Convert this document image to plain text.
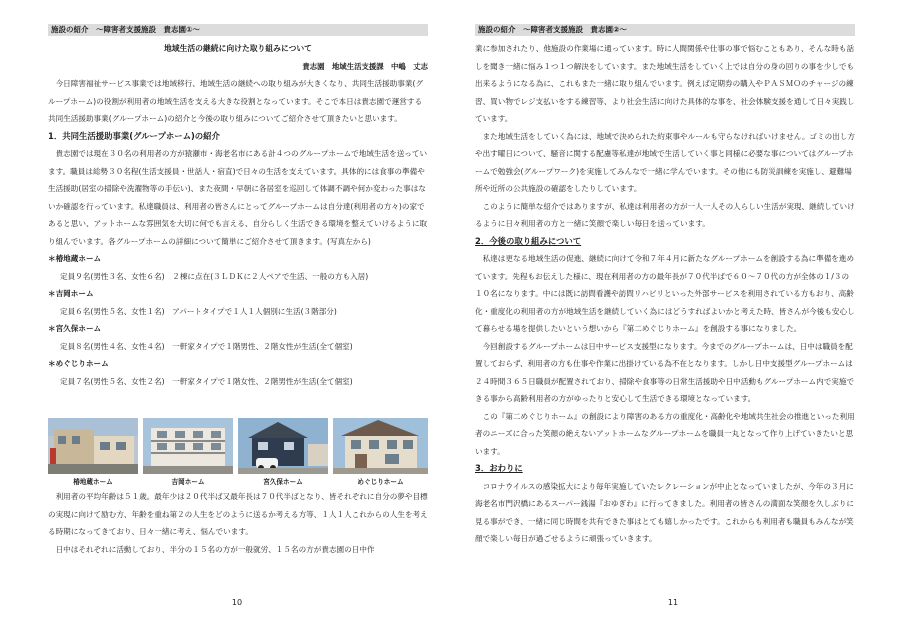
施設の紹介　～障害者支援施設　貴志園①～

地域生活の継続に向けた取り組みについて

貴志園　地域生活支援課　中嶋　丈志

今日障害福祉サービス事業では地域移行、地域生活の継続への取り組みが大きくなり、共同生活援助事業(グループホーム)の役割が利用者の地域生活を支える大きな役割となっています。そこで本日は貴志園で運営する共同生活援助事業(グループホーム)の紹介と今後の取り組みについてご紹介させて頂きたいと思います。

1．共同生活援助事業(グループホーム)の紹介

貴志園では現在３０名の利用者の方が猿瀬市・海老名市にある計４つのグループホームで地域生活を送っています。職員は総勢３０名程(生活支援員・世話人・宿直)で日々の生活を支えています。具体的には食事の準備や生活援助(居室の掃除や洗濯物等の手伝い)、また夜間・早朝に各居室を巡回して体調不調や何か変わった事はないか確認を行っています。私達職員は、利用者の皆さんにとってグループホームは自分達(利用者の方々)の家であると思い、アットホームな雰囲気を大切に何でも言える、自分らしく生活できる環境を整えていけるように取り組んでいます。各グループホームの詳細について簡単にご紹介させて頂きます。(写真左から)

＊椿地蔵ホーム

定員９名(男性３名、女性６名)　２棟に点在(３ＬＤＫに２人ペアで生活、一般の方も入居)

＊吉岡ホーム

定員６名(男性５名、女性１名)　アパートタイプで１人１人個別に生活(３階部分)

＊宮久保ホーム

定員８名(男性４名、女性４名)　一軒家タイプで１階男性、２階女性が生活(全て個室)

＊めぐじりホーム

定員７名(男性５名、女性２名)　一軒家タイプで１階女性、２階男性が生活(全て個室)

椿地蔵ホーム	吉岡ホーム	宮久保ホーム	めぐじりホーム

利用者の平均年齢は５１歳。最年少は２０代半ば又最年長は７０代半ばとなり、皆それぞれに自分の夢や目標の実現に向けて励む方、年齢を重ね第２の人生をどのように送るか考える方等、１人１人これからの人生を考える時期になってきており、日々一緒に考え、悩んでいます。

日中はそれぞれに活動しており、半分の１５名の方が一般就労、１５名の方が貴志園の日中作

10
施設の紹介　～障害者支援施設　貴志園②～

業に参加されたり、他施設の作業場に通っています。時に人間関係や仕事の事で悩むこともあり、そんな時も話しを聞き一緒に悩み１つ１つ解決をしています。また地域生活をしていく上では自分の身の回りの事を少しでも出来るようになる為に、これもまた一緒に取り組んでいます。例えば定期券の購入やＰＡＳＭＯのチャージの練習、買い物でレジ支払いをする練習等、より社会生活に向けた具体的な事を、社会体験支援を通して日々実践しています。

また地域生活をしていく為には、地域で決められた約束事やルールも守らなければいけません。ゴミの出し方や出す曜日について、騒音に関する配慮等私達が地域で生活していく事と同様に必要な事についてはグループホームで勉強会(グループワーク)を実施してみんなで一緒に学んでいます。その他にも防災訓練を実施し、避難場所や近所の公共施設の確認をしたりしています。

このように簡単な紹介ではありますが、私達は利用者の方が一人一人その人らしい生活が実現、継続していけるように日々利用者の方と一緒に笑顔で楽しい毎日を送っています。

2．今後の取り組みについて

私達は更なる地域生活の促進、継続に向けて令和７年４月に新たなグループホームを創設する為に準備を進めています。先程もお伝えした様に、現在利用者の方の最年長が７０代半ばで６０～７０代の方が全体の１/３の１０名になります。中には既に訪問看護や訪問リハビリといった外部サービスを利用されている方もおり、高齢化・重度化の利用者の方が地域生活を継続していく為にはどうすればよいかと考えた時、皆さんが今後も安心して暮らせる場を提供したいという想いから『第二めぐじりホーム』を創設する事になりました。

今回創設するグループホームは日中サービス支援型になります。今までのグループホームは、日中は職員を配置しておらず、利用者の方も仕事や作業に出掛けている為不在となります。しかし日中支援型グループホームは２４時間３６５日職員が配置されており、掃除や食事等の日常生活援助や日中活動もグループホーム内で実施できる事から高齢利用者の方がゆったりと安心して生活できる環境となっています。

この『第二めぐじりホーム』の創設により障害のある方の重度化・高齢化や地域共生社会の推進といった利用者のニーズに合った笑顔の絶えないアットホームなグループホームを職員一丸となって作り上げていきたいと思います。

3．おわりに

コロナウイルスの感染拡大により毎年実施していたレクレーションが中止となっていましたが、今年の３月に海老名市門沢橋にあるスーパー銭湯『おゆぎわ』に行ってきました。利用者の皆さんの満面な笑顔を久しぶりに見る事ができ、一緒に同じ時間を共有できた事はとても嬉しかったです。これからも利用者も職員もみんなが笑顔で楽しい毎日が過ごせるように頑張っていきます。

11
